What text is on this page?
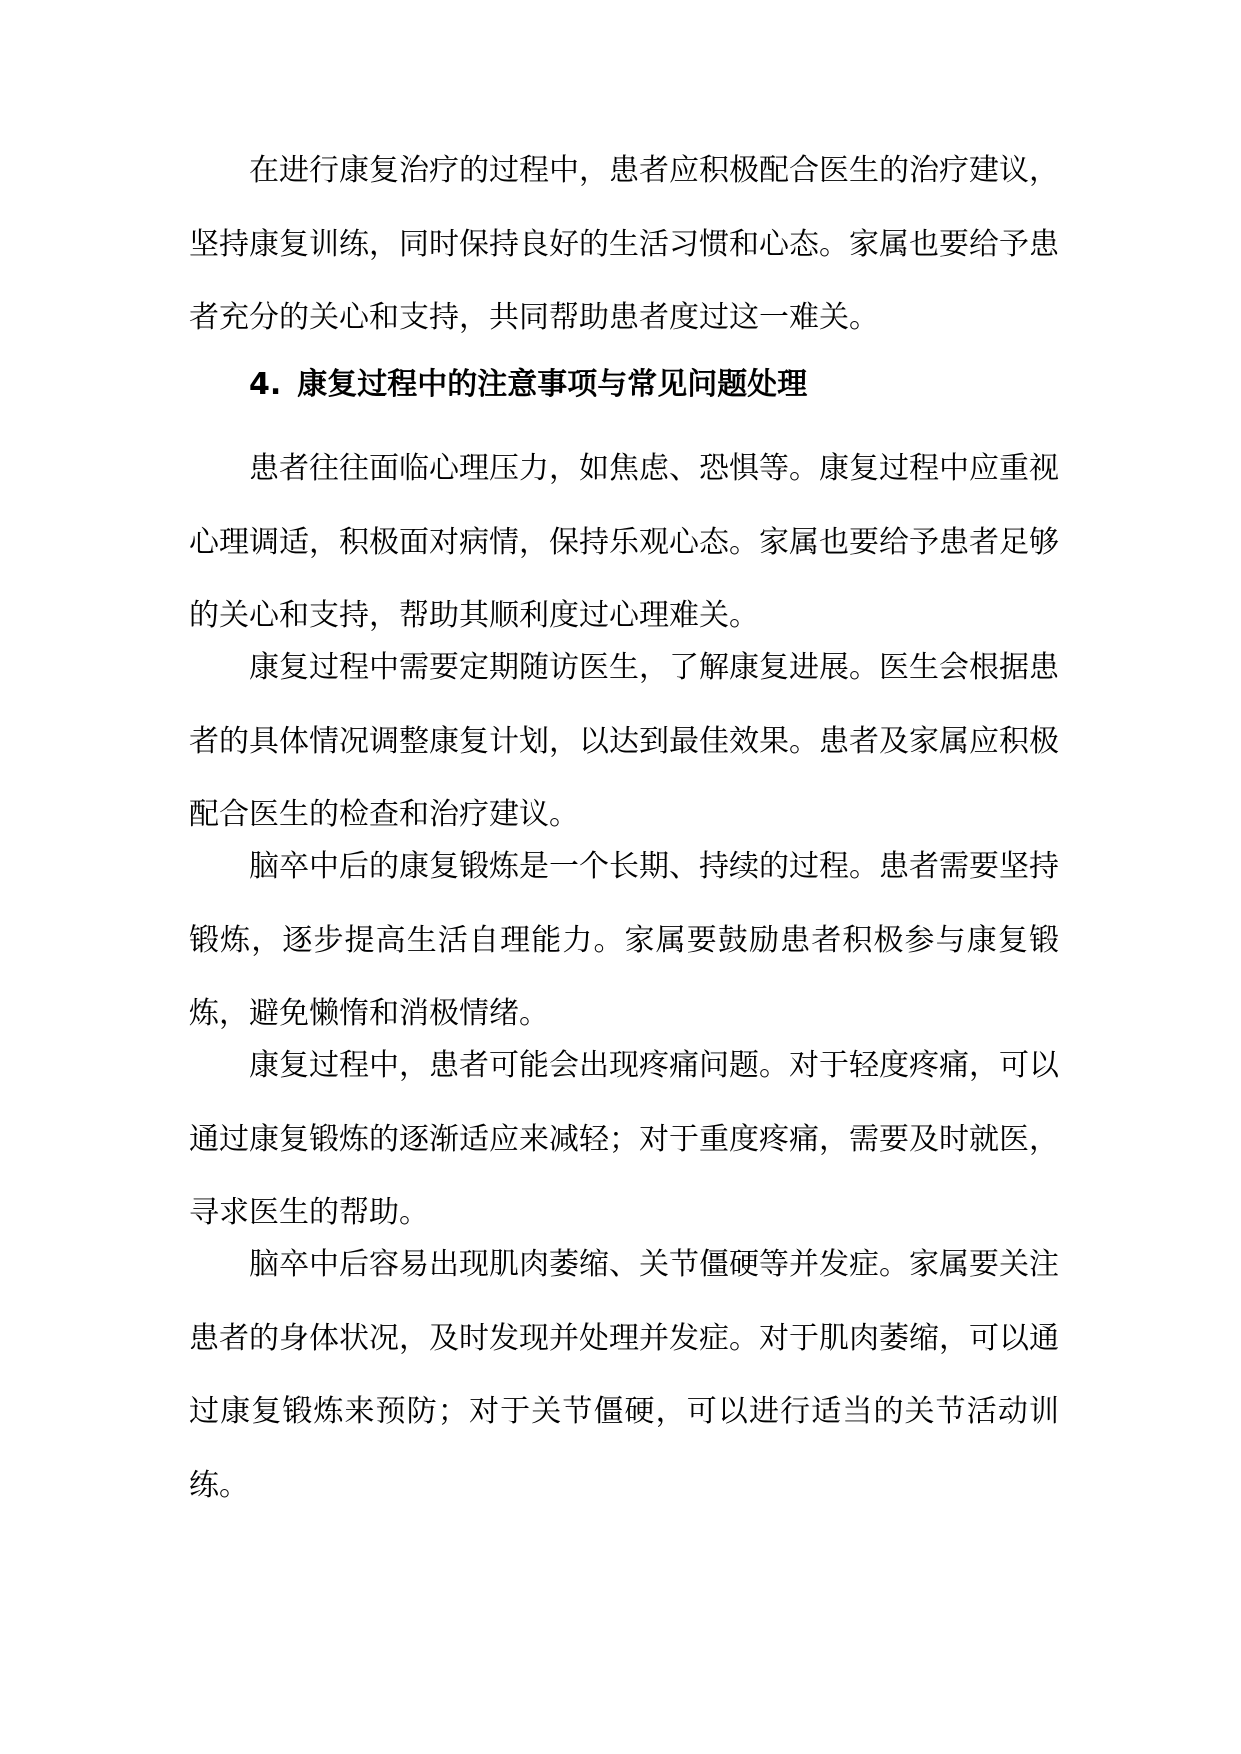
在进行康复治疗的过程中，患者应积极配合医生的治疗建议，坚持康复训练，同时保持良好的生活习惯和心态。家属也要给予患者充分的关心和支持，共同帮助患者度过这一难关。

4. 康复过程中的注意事项与常见问题处理

患者往往面临心理压力，如焦虑、恐惧等。康复过程中应重视心理调适，积极面对病情，保持乐观心态。家属也要给予患者足够的关心和支持，帮助其顺利度过心理难关。

康复过程中需要定期随访医生，了解康复进展。医生会根据患者的具体情况调整康复计划，以达到最佳效果。患者及家属应积极配合医生的检查和治疗建议。

脑卒中后的康复锻炼是一个长期、持续的过程。患者需要坚持锻炼，逐步提高生活自理能力。家属要鼓励患者积极参与康复锻炼，避免懒惰和消极情绪。

康复过程中，患者可能会出现疼痛问题。对于轻度疼痛，可以通过康复锻炼的逐渐适应来减轻；对于重度疼痛，需要及时就医，寻求医生的帮助。

脑卒中后容易出现肌肉萎缩、关节僵硬等并发症。家属要关注患者的身体状况，及时发现并处理并发症。对于肌肉萎缩，可以通过康复锻炼来预防；对于关节僵硬，可以进行适当的关节活动训练。
